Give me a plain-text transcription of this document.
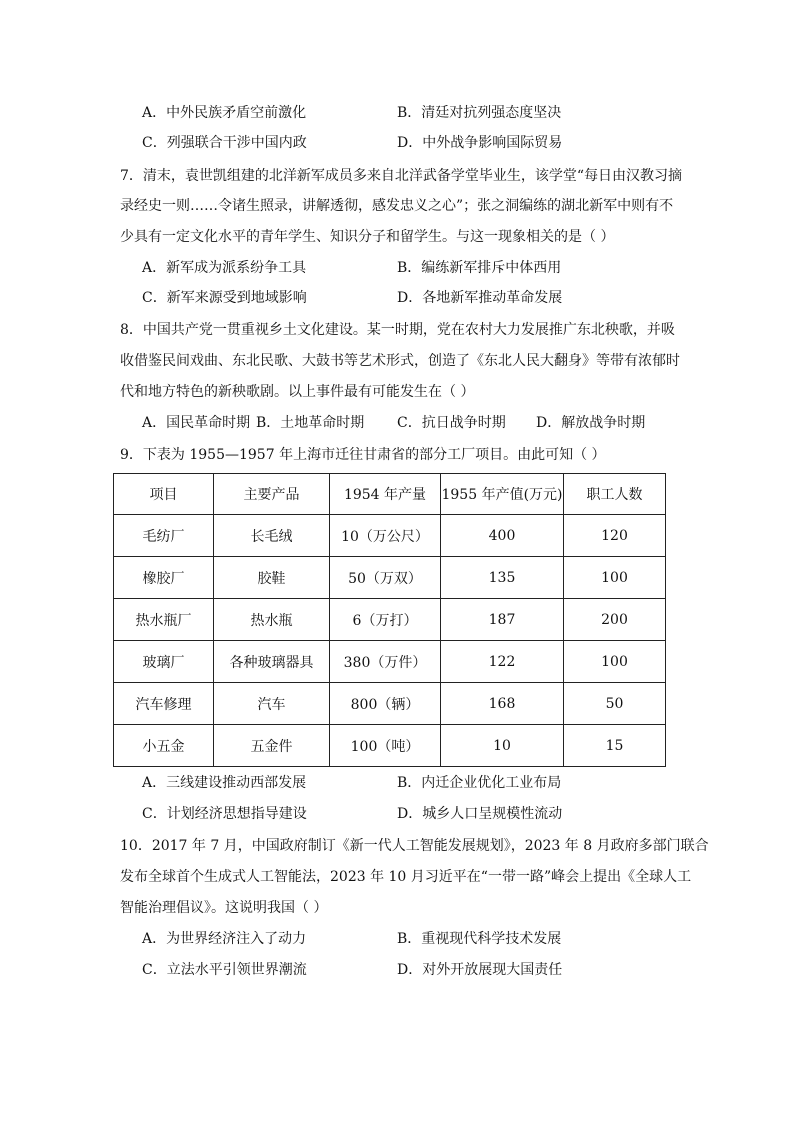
A．中外民族矛盾空前激化	B．清廷对抗列强态度坚决
C．列强联合干涉中国内政	D．中外战争影响国际贸易
7．清末，袁世凯组建的北洋新军成员多来自北洋武备学堂毕业生，该学堂“每日由汉教习摘
录经史一则……令诸生照录，讲解透彻，感发忠义之心”；张之洞编练的湖北新军中则有不
少具有一定文化水平的青年学生、知识分子和留学生。与这一现象相关的是（ ）
A．新军成为派系纷争工具	B．编练新军排斥中体西用
C．新军来源受到地域影响	D．各地新军推动革命发展
8．中国共产党一贯重视乡土文化建设。某一时期，党在农村大力发展推广东北秧歌，并吸
收借鉴民间戏曲、东北民歌、大鼓书等艺术形式，创造了《东北人民大翻身》等带有浓郁时
代和地方特色的新秧歌剧。以上事件最有可能发生在（ ）
A．国民革命时期 B．土地革命时期 C．抗日战争时期 D．解放战争时期
9．下表为 1955—1957 年上海市迁往甘肃省的部分工厂项目。由此可知（ ）
项目	主要产品	1954 年产量	1955 年产值(万元)	职工人数
毛纺厂	长毛绒	10（万公尺）	400	120
橡胶厂	胶鞋	50（万双）	135	100
热水瓶厂	热水瓶	6（万打）	187	200
玻璃厂	各种玻璃器具	380（万件）	122	100
汽车修理	汽车	800（辆）	168	50
小五金	五金件	100（吨）	10	15
A．三线建设推动西部发展	B．内迁企业优化工业布局
C．计划经济思想指导建设	D．城乡人口呈规模性流动
10．2017 年 7 月，中国政府制订《新一代人工智能发展规划》，2023 年 8 月政府多部门联合
发布全球首个生成式人工智能法，2023 年 10 月习近平在“一带一路”峰会上提出《全球人工
智能治理倡议》。这说明我国（ ）
A．为世界经济注入了动力	B．重视现代科学技术发展
C．立法水平引领世界潮流	D．对外开放展现大国责任
